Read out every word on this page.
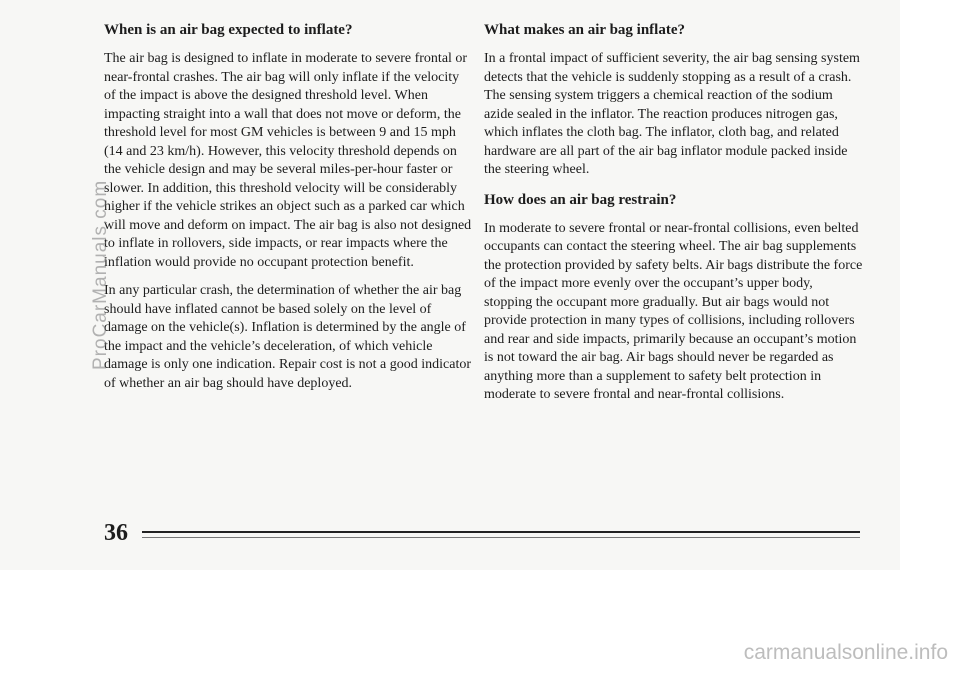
When is an air bag expected to inflate?

The air bag is designed to inflate in moderate to severe frontal or near-frontal crashes. The air bag will only inflate if the velocity of the impact is above the designed threshold level. When impacting straight into a wall that does not move or deform, the threshold level for most GM vehicles is between 9 and 15 mph (14 and 23 km/h). However, this velocity threshold depends on the vehicle design and may be several miles-per-hour faster or slower. In addition, this threshold velocity will be considerably higher if the vehicle strikes an object such as a parked car which will move and deform on impact. The air bag is also not designed to inflate in rollovers, side impacts, or rear impacts where the inflation would provide no occupant protection benefit.

In any particular crash, the determination of whether the air bag should have inflated cannot be based solely on the level of damage on the vehicle(s). Inflation is determined by the angle of the impact and the vehicle’s deceleration, of which vehicle damage is only one indication. Repair cost is not a good indicator of whether an air bag should have deployed.

What makes an air bag inflate?

In a frontal impact of sufficient severity, the air bag sensing system detects that the vehicle is suddenly stopping as a result of a crash. The sensing system triggers a chemical reaction of the sodium azide sealed in the inflator. The reaction produces nitrogen gas, which inflates the cloth bag. The inflator, cloth bag, and related hardware are all part of the air bag inflator module packed inside the steering wheel.

How does an air bag restrain?

In moderate to severe frontal or near-frontal collisions, even belted occupants can contact the steering wheel. The air bag supplements the protection provided by safety belts. Air bags distribute the force of the impact more evenly over the occupant’s upper body, stopping the occupant more gradually. But air bags would not provide protection in many types of collisions, including rollovers and rear and side impacts, primarily because an occupant’s motion is not toward the air bag. Air bags should never be regarded as anything more than a supplement to safety belt protection in moderate to severe frontal and near-frontal collisions.

36
ProCarManuals.com
carmanualsonline.info
